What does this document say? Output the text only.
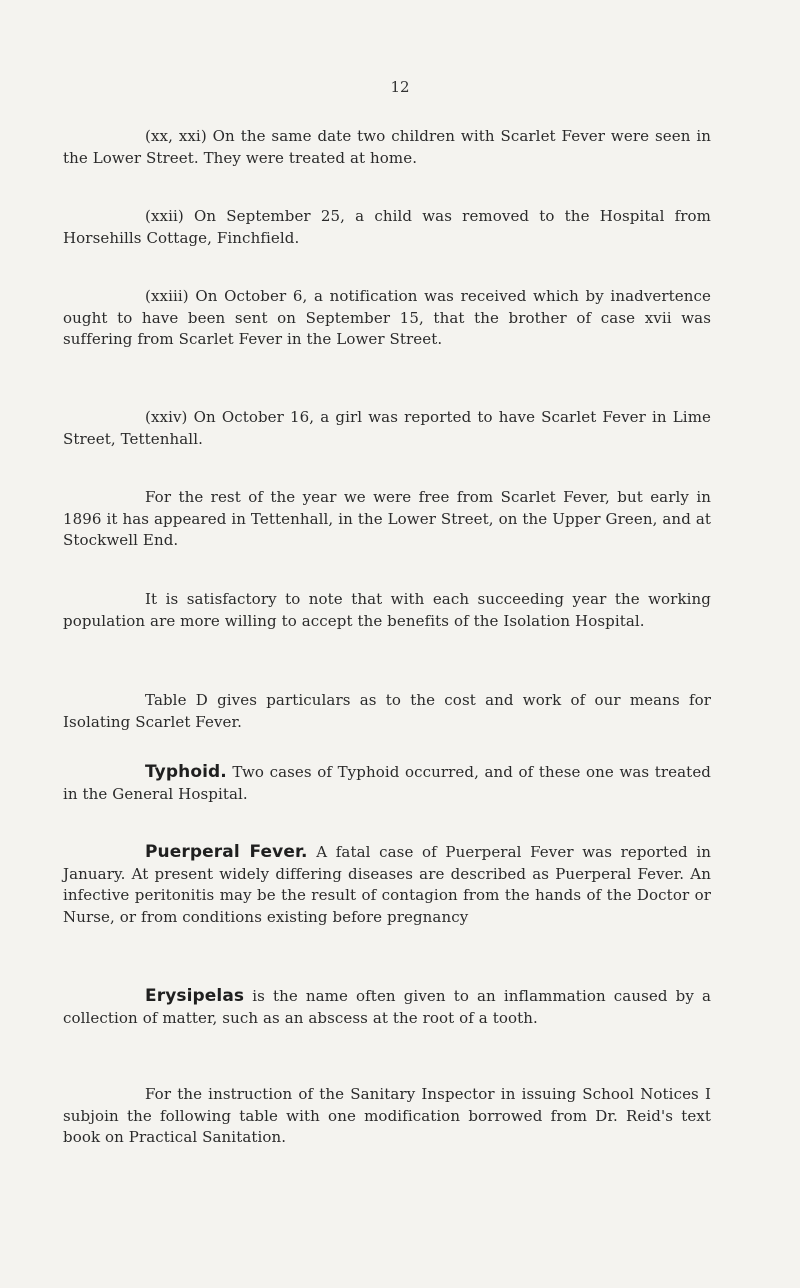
12

(xx, xxi) On the same date two children with Scarlet Fever were seen in the Lower Street. They were treated at home.

(xxii) On September 25, a child was removed to the Hospital from Horsehills Cottage, Finchfield.

(xxiii) On October 6, a notification was received which by inadvertence ought to have been sent on September 15, that the brother of case xvii was suffering from Scarlet Fever in the Lower Street.

(xxiv) On October 16, a girl was reported to have Scarlet Fever in Lime Street, Tettenhall.

For the rest of the year we were free from Scarlet Fever, but early in 1896 it has appeared in Tettenhall, in the Lower Street, on the Upper Green, and at Stockwell End.

It is satisfactory to note that with each succeeding year the working population are more willing to accept the benefits of the Isolation Hospital.

Table D gives particulars as to the cost and work of our means for Isolating Scarlet Fever.

Typhoid. Two cases of Typhoid occurred, and of these one was treated in the General Hospital.

Puerperal Fever. A fatal case of Puerperal Fever was reported in January. At present widely differing diseases are described as Puerperal Fever. An infective peritonitis may be the result of contagion from the hands of the Doctor or Nurse, or from conditions existing before pregnancy

Erysipelas is the name often given to an inflammation caused by a collection of matter, such as an abscess at the root of a tooth.

For the instruction of the Sanitary Inspector in issuing School Notices I subjoin the following table with one modification borrowed from Dr. Reid's text book on Practical Sanitation.
